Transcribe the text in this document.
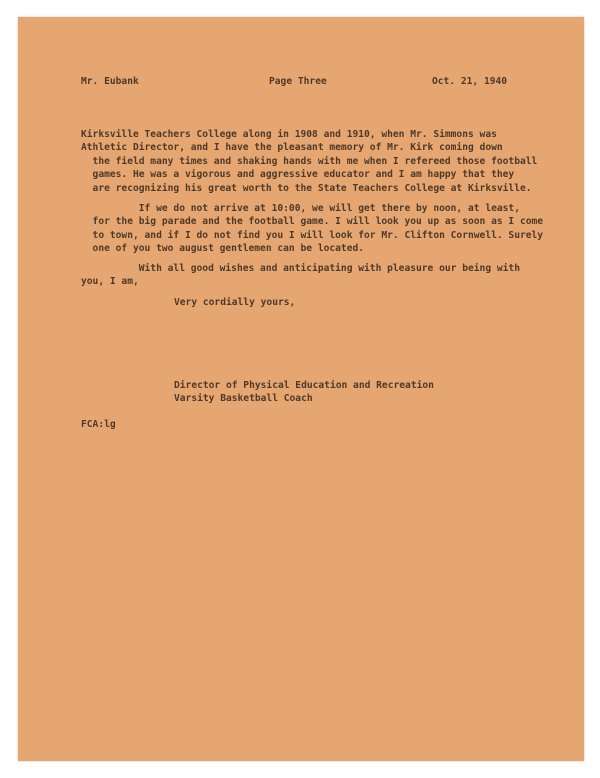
Mr. Eubank	Page Three	Oct. 21, 1940
Kirksville Teachers College along in 1908 and 1910, when Mr. Simmons was
Athletic Director, and I have the pleasant memory of Mr. Kirk coming down
the field many times and shaking hands with me when I refereed those football
games. He was a vigorous and aggressive educator and I am happy that they
are recognizing his great worth to the State Teachers College at Kirksville.
If we do not arrive at 10:00, we will get there by noon, at least,
for the big parade and the football game. I will look you up as soon as I come
to town, and if I do not find you I will look for Mr. Clifton Cornwell. Surely
one of you two august gentlemen can be located.
With all good wishes and anticipating with pleasure our being with
you, I am,
Very cordially yours,
Director of Physical Education and Recreation
Varsity Basketball Coach
FCA:lg
